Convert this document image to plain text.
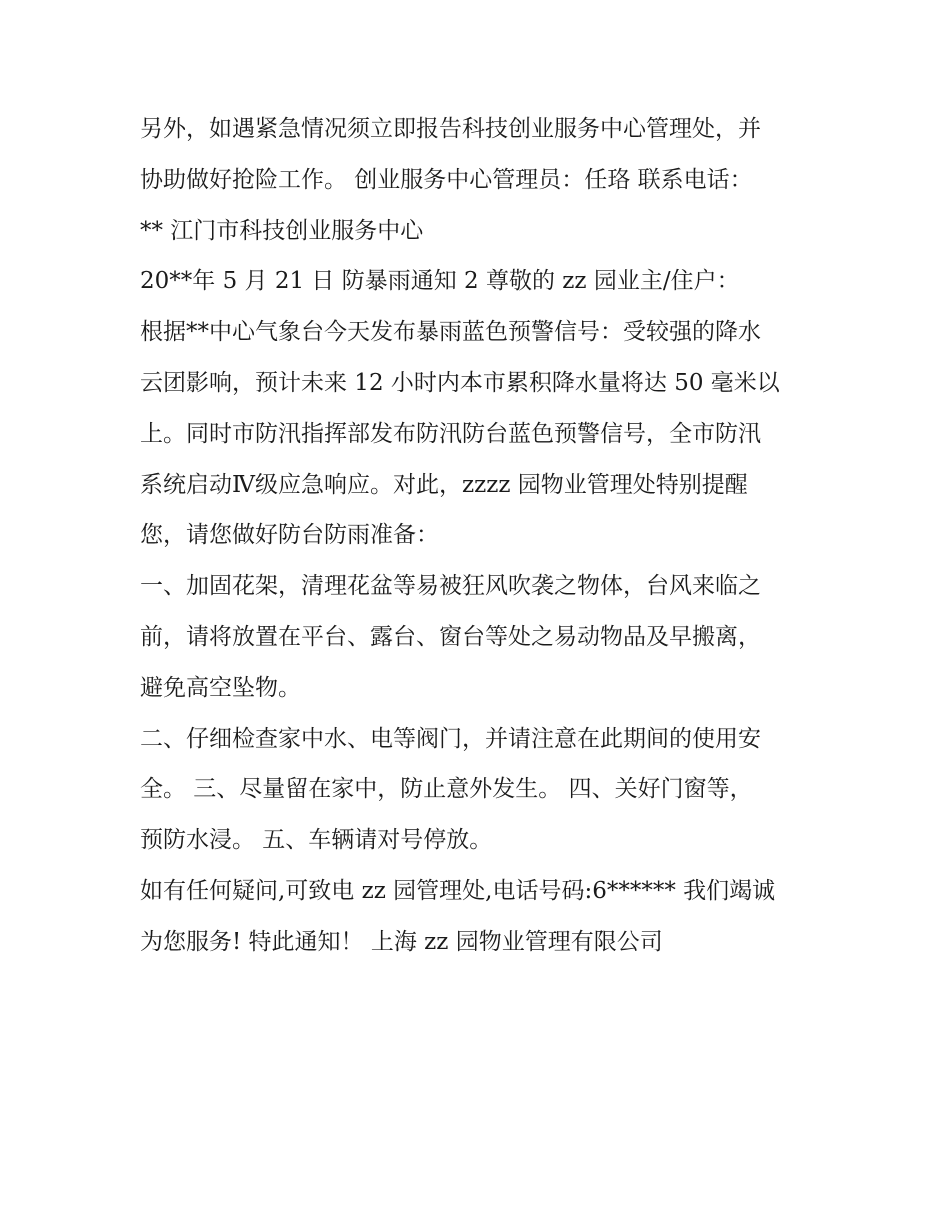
另外，如遇紧急情况须立即报告科技创业服务中心管理处，并
协助做好抢险工作。 创业服务中心管理员：任珞 联系电话：
** 江门市科技创业服务中心
20**年 5 月 21 日 防暴雨通知 2 尊敬的 zz 园业主/住户：
根据**中心气象台今天发布暴雨蓝色预警信号：受较强的降水
云团影响，预计未来 12 小时内本市累积降水量将达 50 毫米以
上。同时市防汛指挥部发布防汛防台蓝色预警信号，全市防汛
系统启动Ⅳ级应急响应。对此，zzzz 园物业管理处特别提醒
您，请您做好防台防雨准备：
一、加固花架，清理花盆等易被狂风吹袭之物体，台风来临之
前，请将放置在平台、露台、窗台等处之易动物品及早搬离，
避免高空坠物。
二、仔细检查家中水、电等阀门，并请注意在此期间的使用安
全。 三、尽量留在家中，防止意外发生。 四、关好门窗等，
预防水浸。 五、车辆请对号停放。
如有任何疑问,可致电 zz 园管理处,电话号码:6****** 我们竭诚
为您服务! 特此通知！ 上海 zz 园物业管理有限公司
